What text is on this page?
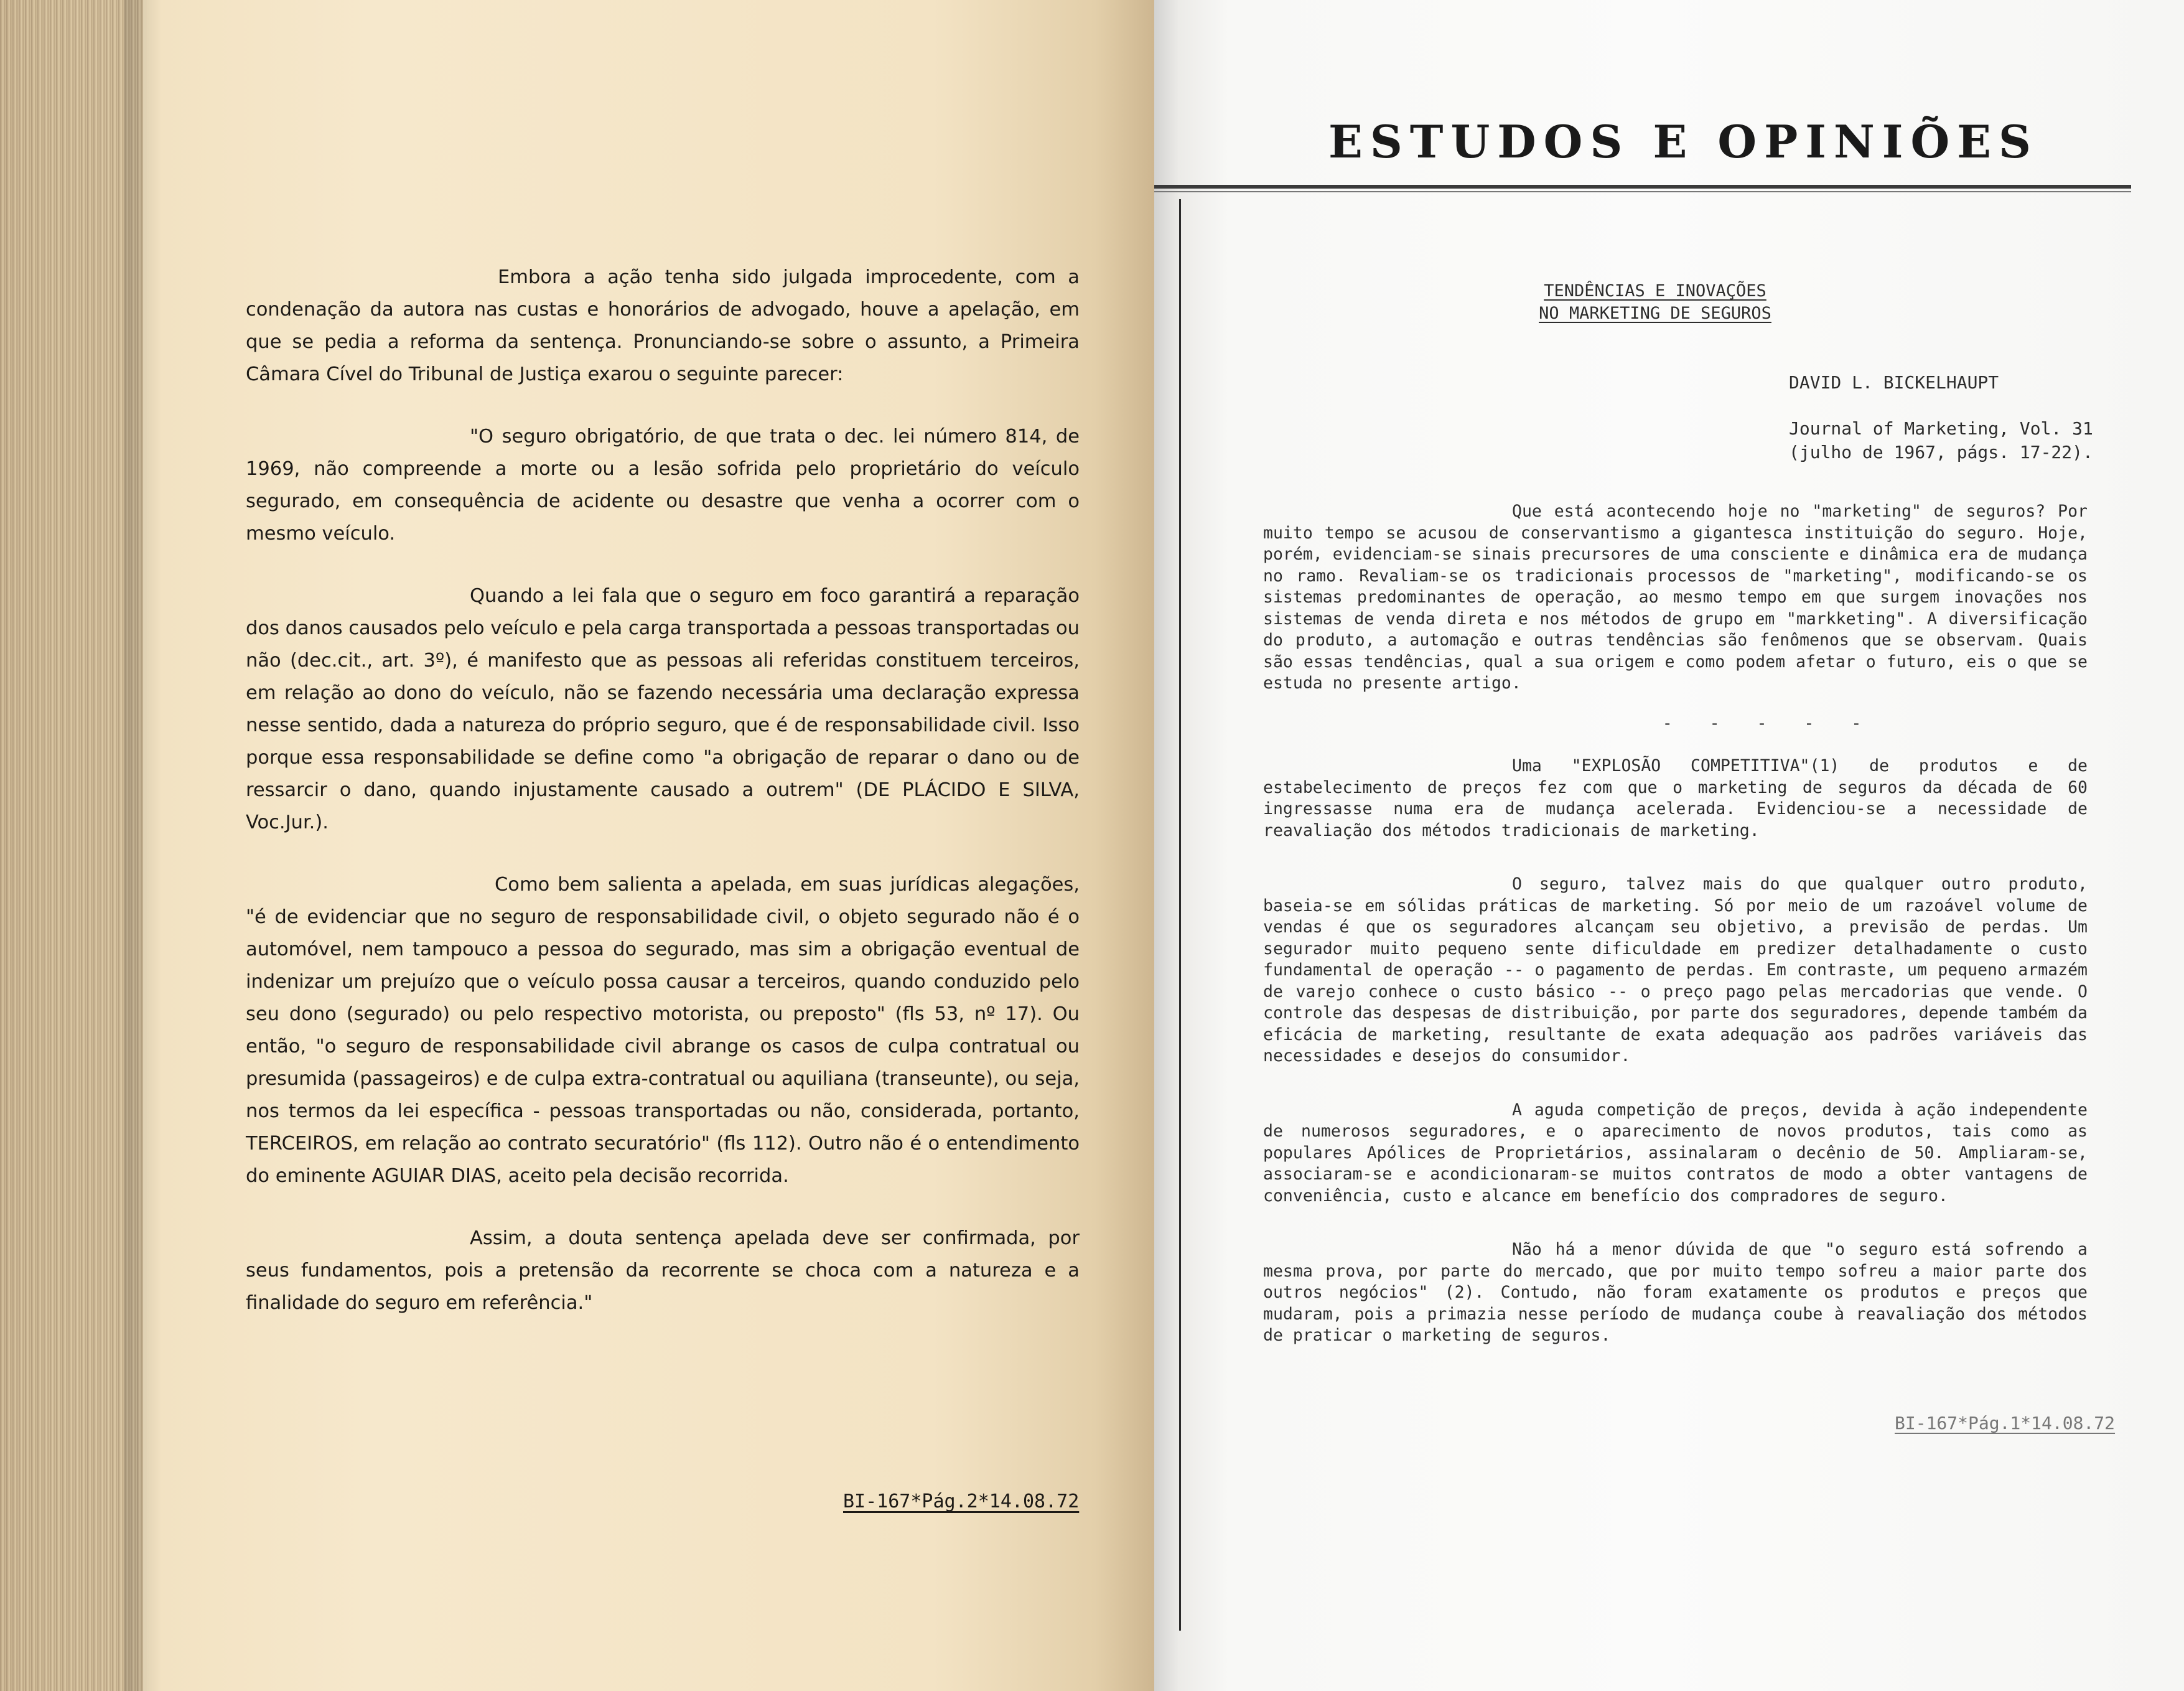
Embora a ação tenha sido julgada improcedente, com a condenação da autora nas custas e honorários de advogado, houve a apelação, em que se pedia a reforma da sentença. Pronunciando-se sobre o assunto, a Primeira Câmara Cível do Tribunal de Justiça exarou o seguinte parecer:

"O seguro obrigatório, de que trata o dec. lei número 814, de 1969, não compreende a morte ou a lesão sofrida pelo proprietário do veículo segurado, em consequência de acidente ou desastre que venha a ocorrer com o mesmo veículo.

Quando a lei fala que o seguro em foco garantirá a reparação dos danos causados pelo veículo e pela carga transportada a pessoas transportadas ou não (dec.cit., art. 3º), é manifesto que as pessoas ali referidas constituem terceiros, em relação ao dono do veículo, não se fazendo necessária uma declaração expressa nesse sentido, dada a natureza do próprio seguro, que é de responsabilidade civil. Isso porque essa responsabilidade se define como "a obrigação de reparar o dano ou de ressarcir o dano, quando injustamente causado a outrem" (DE PLÁCIDO E SILVA, Voc.Jur.).

Como bem salienta a apelada, em suas jurídicas alegações, "é de evidenciar que no seguro de responsabilidade civil, o objeto segurado não é o automóvel, nem tampouco a pessoa do segurado, mas sim a obrigação eventual de indenizar um prejuízo que o veículo possa causar a terceiros, quando conduzido pelo seu dono (segurado) ou pelo respectivo motorista, ou preposto" (fls 53, nº 17). Ou então, "o seguro de responsabilidade civil abrange os casos de culpa contratual ou presumida (passageiros) e de culpa extra-contratual ou aquiliana (transeunte), ou seja, nos termos da lei específica - pessoas transportadas ou não, considerada, portanto, TERCEIROS, em relação ao contrato securatório" (fls 112). Outro não é o entendimento do eminente AGUIAR DIAS, aceito pela decisão recorrida.

Assim, a douta sentença apelada deve ser confirmada, por seus fundamentos, pois a pretensão da recorrente se choca com a natureza e a finalidade do seguro em referência."

BI-167*Pág.2*14.08.72
ESTUDOS E OPINIÕES
TENDÊNCIAS E INOVAÇÕES
NO MARKETING DE SEGUROS
DAVID L. BICKELHAUPT
Journal of Marketing, Vol. 31
(julho de 1967, págs. 17-22).

Que está acontecendo hoje no "marketing" de seguros? Por muito tempo se acusou de conservantismo a gigantesca instituição do seguro. Hoje, porém, evidenciam-se sinais precursores de uma consciente e dinâmica era de mudança no ramo. Revaliam-se os tradicionais processos de "marketing", modificando-se os sistemas predominantes de operação, ao mesmo tempo em que surgem inovações nos sistemas de venda direta e nos métodos de grupo em "markketing". A diversificação do produto, a automação e outras tendências são fenômenos que se observam. Quais são essas tendências, qual a sua origem e como podem afetar o futuro, eis o que se estuda no presente artigo.

- - - - -

Uma "EXPLOSÃO COMPETITIVA"(1) de produtos e de estabelecimento de preços fez com que o marketing de seguros da década de 60 ingressasse numa era de mudança acelerada. Evidenciou-se a necessidade de reavaliação dos métodos tradicionais de marketing.

O seguro, talvez mais do que qualquer outro produto, baseia-se em sólidas práticas de marketing. Só por meio de um razoável volume de vendas é que os seguradores alcançam seu objetivo, a previsão de perdas. Um segurador muito pequeno sente dificuldade em predizer detalhadamente o custo fundamental de operação -- o pagamento de perdas. Em contraste, um pequeno armazém de varejo conhece o custo básico -- o preço pago pelas mercadorias que vende. O controle das despesas de distribuição, por parte dos seguradores, depende também da eficácia de marketing, resultante de exata adequação aos padrões variáveis das necessidades e desejos do consumidor.

A aguda competição de preços, devida à ação independente de numerosos seguradores, e o aparecimento de novos produtos, tais como as populares Apólices de Proprietários, assinalaram o decênio de 50. Ampliaram-se, associaram-se e acondicionaram-se muitos contratos de modo a obter vantagens de conveniência, custo e alcance em benefício dos compradores de seguro.

Não há a menor dúvida de que "o seguro está sofrendo a mesma prova, por parte do mercado, que por muito tempo sofreu a maior parte dos outros negócios" (2). Contudo, não foram exatamente os produtos e preços que mudaram, pois a primazia nesse período de mudança coube à reavaliação dos métodos de praticar o marketing de seguros.

BI-167*Pág.1*14.08.72
